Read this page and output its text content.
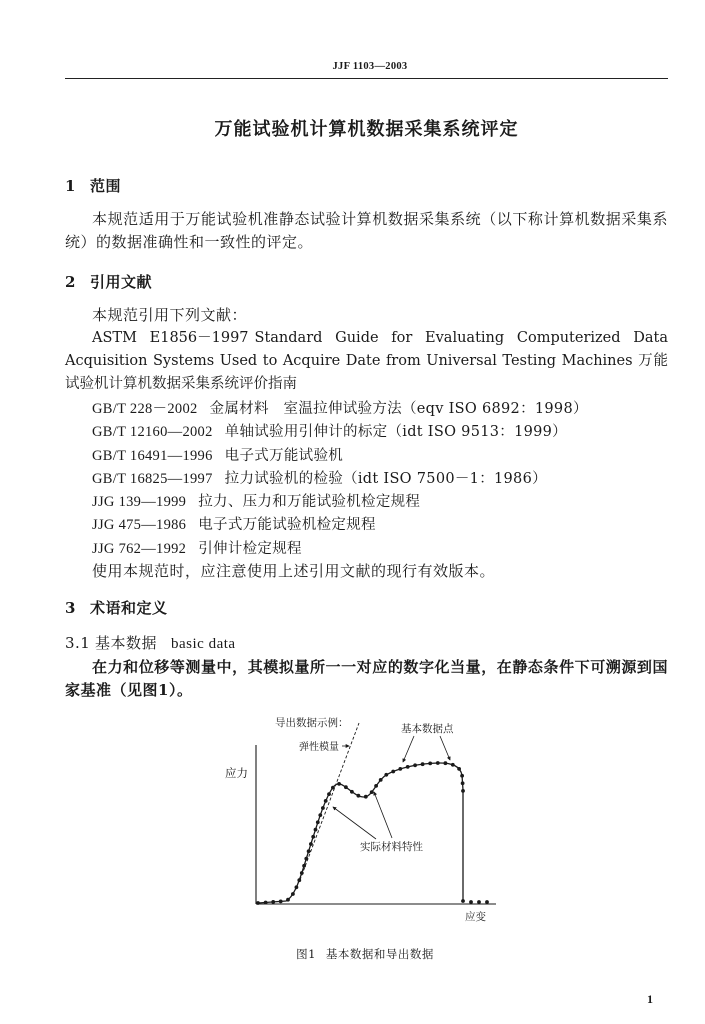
JJF 1103—2003
万能试验机计算机数据采集系统评定
1 范围
本规范适用于万能试验机准静态试验计算机数据采集系统（以下称计算机数据采集系统）的数据准确性和一致性的评定。
2 引用文献
本规范引用下列文献：
ASTM E1856－1997 Standard Guide for Evaluating Computerized Data Acquisition Systems Used to Acquire Date from Universal Testing Machines 万能试验机计算机数据采集系统评价指南
GB/T 228－2002 金属材料　室温拉伸试验方法（eqv ISO 6892：1998）
GB/T 12160—2002 单轴试验用引伸计的标定（idt ISO 9513：1999）
GB/T 16491—1996 电子式万能试验机
GB/T 16825—1997 拉力试验机的检验（idt ISO 7500－1：1986）
JJG 139—1999 拉力、压力和万能试验机检定规程
JJG 475—1986 电子式万能试验机检定规程
JJG 762—1992 引伸计检定规程
使用本规范时，应注意使用上述引用文献的现行有效版本。
3 术语和定义
3.1 基本数据 basic data
在力和位移等测量中，其模拟量所一一对应的数字化当量，在静态条件下可溯源到国家基准（见图1）。
导出数据示例：
弹性模量
基本数据点
应力
实际材料特性
应变
图1 基本数据和导出数据
1
